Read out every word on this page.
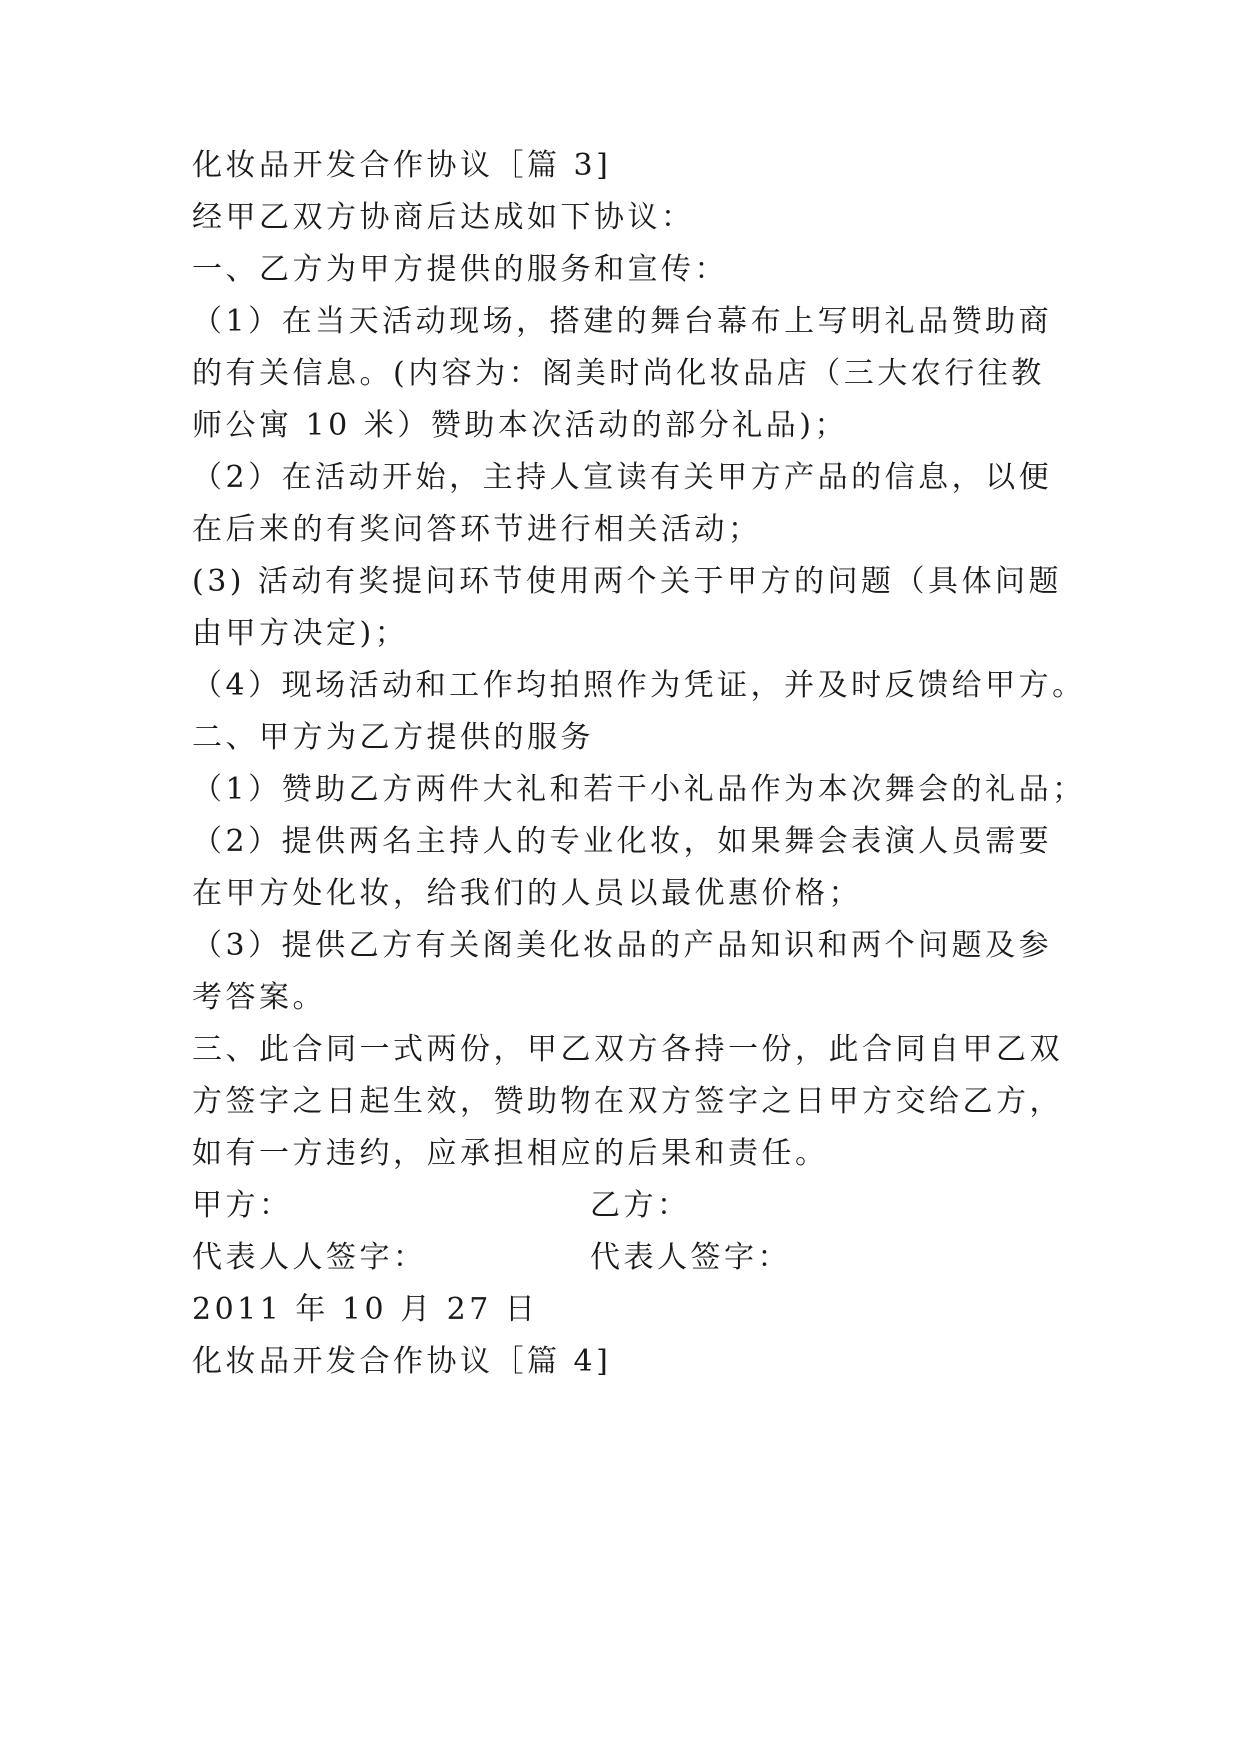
化妆品开发合作协议［篇 3]
经甲乙双方协商后达成如下协议：
一、乙方为甲方提供的服务和宣传：
（1）在当天活动现场，搭建的舞台幕布上写明礼品赞助商
的有关信息。(内容为：阁美时尚化妆品店（三大农行往教
师公寓 10 米）赞助本次活动的部分礼品)；
（2）在活动开始，主持人宣读有关甲方产品的信息，以便
在后来的有奖问答环节进行相关活动；
(3) 活动有奖提问环节使用两个关于甲方的问题（具体问题
由甲方决定)；
（4）现场活动和工作均拍照作为凭证，并及时反馈给甲方。
二、甲方为乙方提供的服务
（1）赞助乙方两件大礼和若干小礼品作为本次舞会的礼品；
（2）提供两名主持人的专业化妆，如果舞会表演人员需要
在甲方处化妆，给我们的人员以最优惠价格；
（3）提供乙方有关阁美化妆品的产品知识和两个问题及参
考答案。
三、此合同一式两份，甲乙双方各持一份，此合同自甲乙双
方签字之日起生效，赞助物在双方签字之日甲方交给乙方，
如有一方违约，应承担相应的后果和责任。
甲方：	乙方：
代表人人签字：	代表人签字：
2011 年 10 月 27 日
化妆品开发合作协议［篇 4]
